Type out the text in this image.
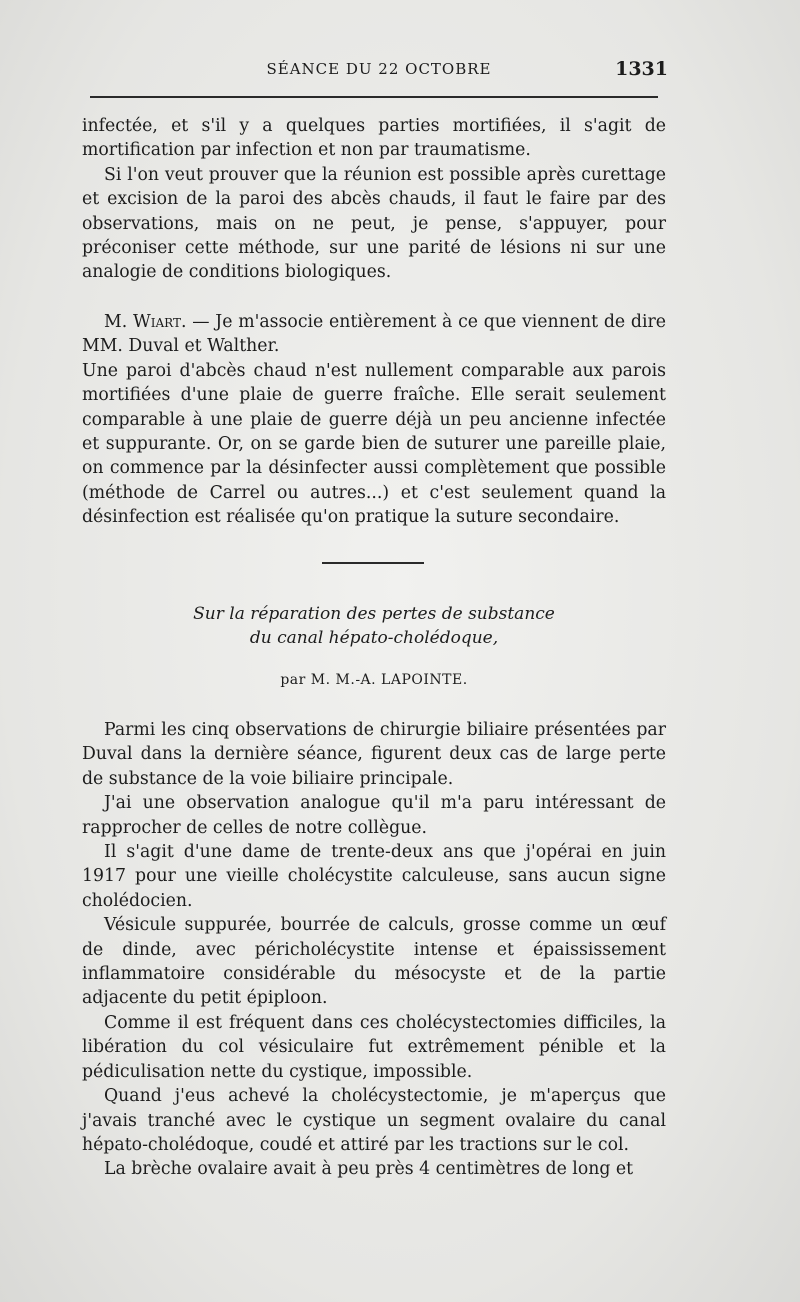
SÉANCE DU 22 OCTOBRE	1331

infectée, et s'il y a quelques parties mortifiées, il s'agit de mortification par infection et non par traumatisme.

Si l'on veut prouver que la réunion est possible après curettage et excision de la paroi des abcès chauds, il faut le faire par des observations, mais on ne peut, je pense, s'appuyer, pour préconiser cette méthode, sur une parité de lésions ni sur une analogie de conditions biologiques.

M. Wiart. — Je m'associe entièrement à ce que viennent de dire MM. Duval et Walther.

Une paroi d'abcès chaud n'est nullement comparable aux parois mortifiées d'une plaie de guerre fraîche. Elle serait seulement comparable à une plaie de guerre déjà un peu ancienne infectée et suppurante. Or, on se garde bien de suturer une pareille plaie, on commence par la désinfecter aussi complètement que possible (méthode de Carrel ou autres...) et c'est seulement quand la désinfection est réalisée qu'on pratique la suture secondaire.

Sur la réparation des pertes de substance
du canal hépato-cholédoque,
par M. M.-A. LAPOINTE.

Parmi les cinq observations de chirurgie biliaire présentées par Duval dans la dernière séance, figurent deux cas de large perte de substance de la voie biliaire principale.

J'ai une observation analogue qu'il m'a paru intéressant de rapprocher de celles de notre collègue.

Il s'agit d'une dame de trente-deux ans que j'opérai en juin 1917 pour une vieille cholécystite calculeuse, sans aucun signe cholédocien.

Vésicule suppurée, bourrée de calculs, grosse comme un œuf de dinde, avec péricholécystite intense et épaississement inflammatoire considérable du mésocyste et de la partie adjacente du petit épiploon.

Comme il est fréquent dans ces cholécystectomies difficiles, la libération du col vésiculaire fut extrêmement pénible et la pédiculisation nette du cystique, impossible.

Quand j'eus achevé la cholécystectomie, je m'aperçus que j'avais tranché avec le cystique un segment ovalaire du canal hépato-cholédoque, coudé et attiré par les tractions sur le col.

La brèche ovalaire avait à peu près 4 centimètres de long et
